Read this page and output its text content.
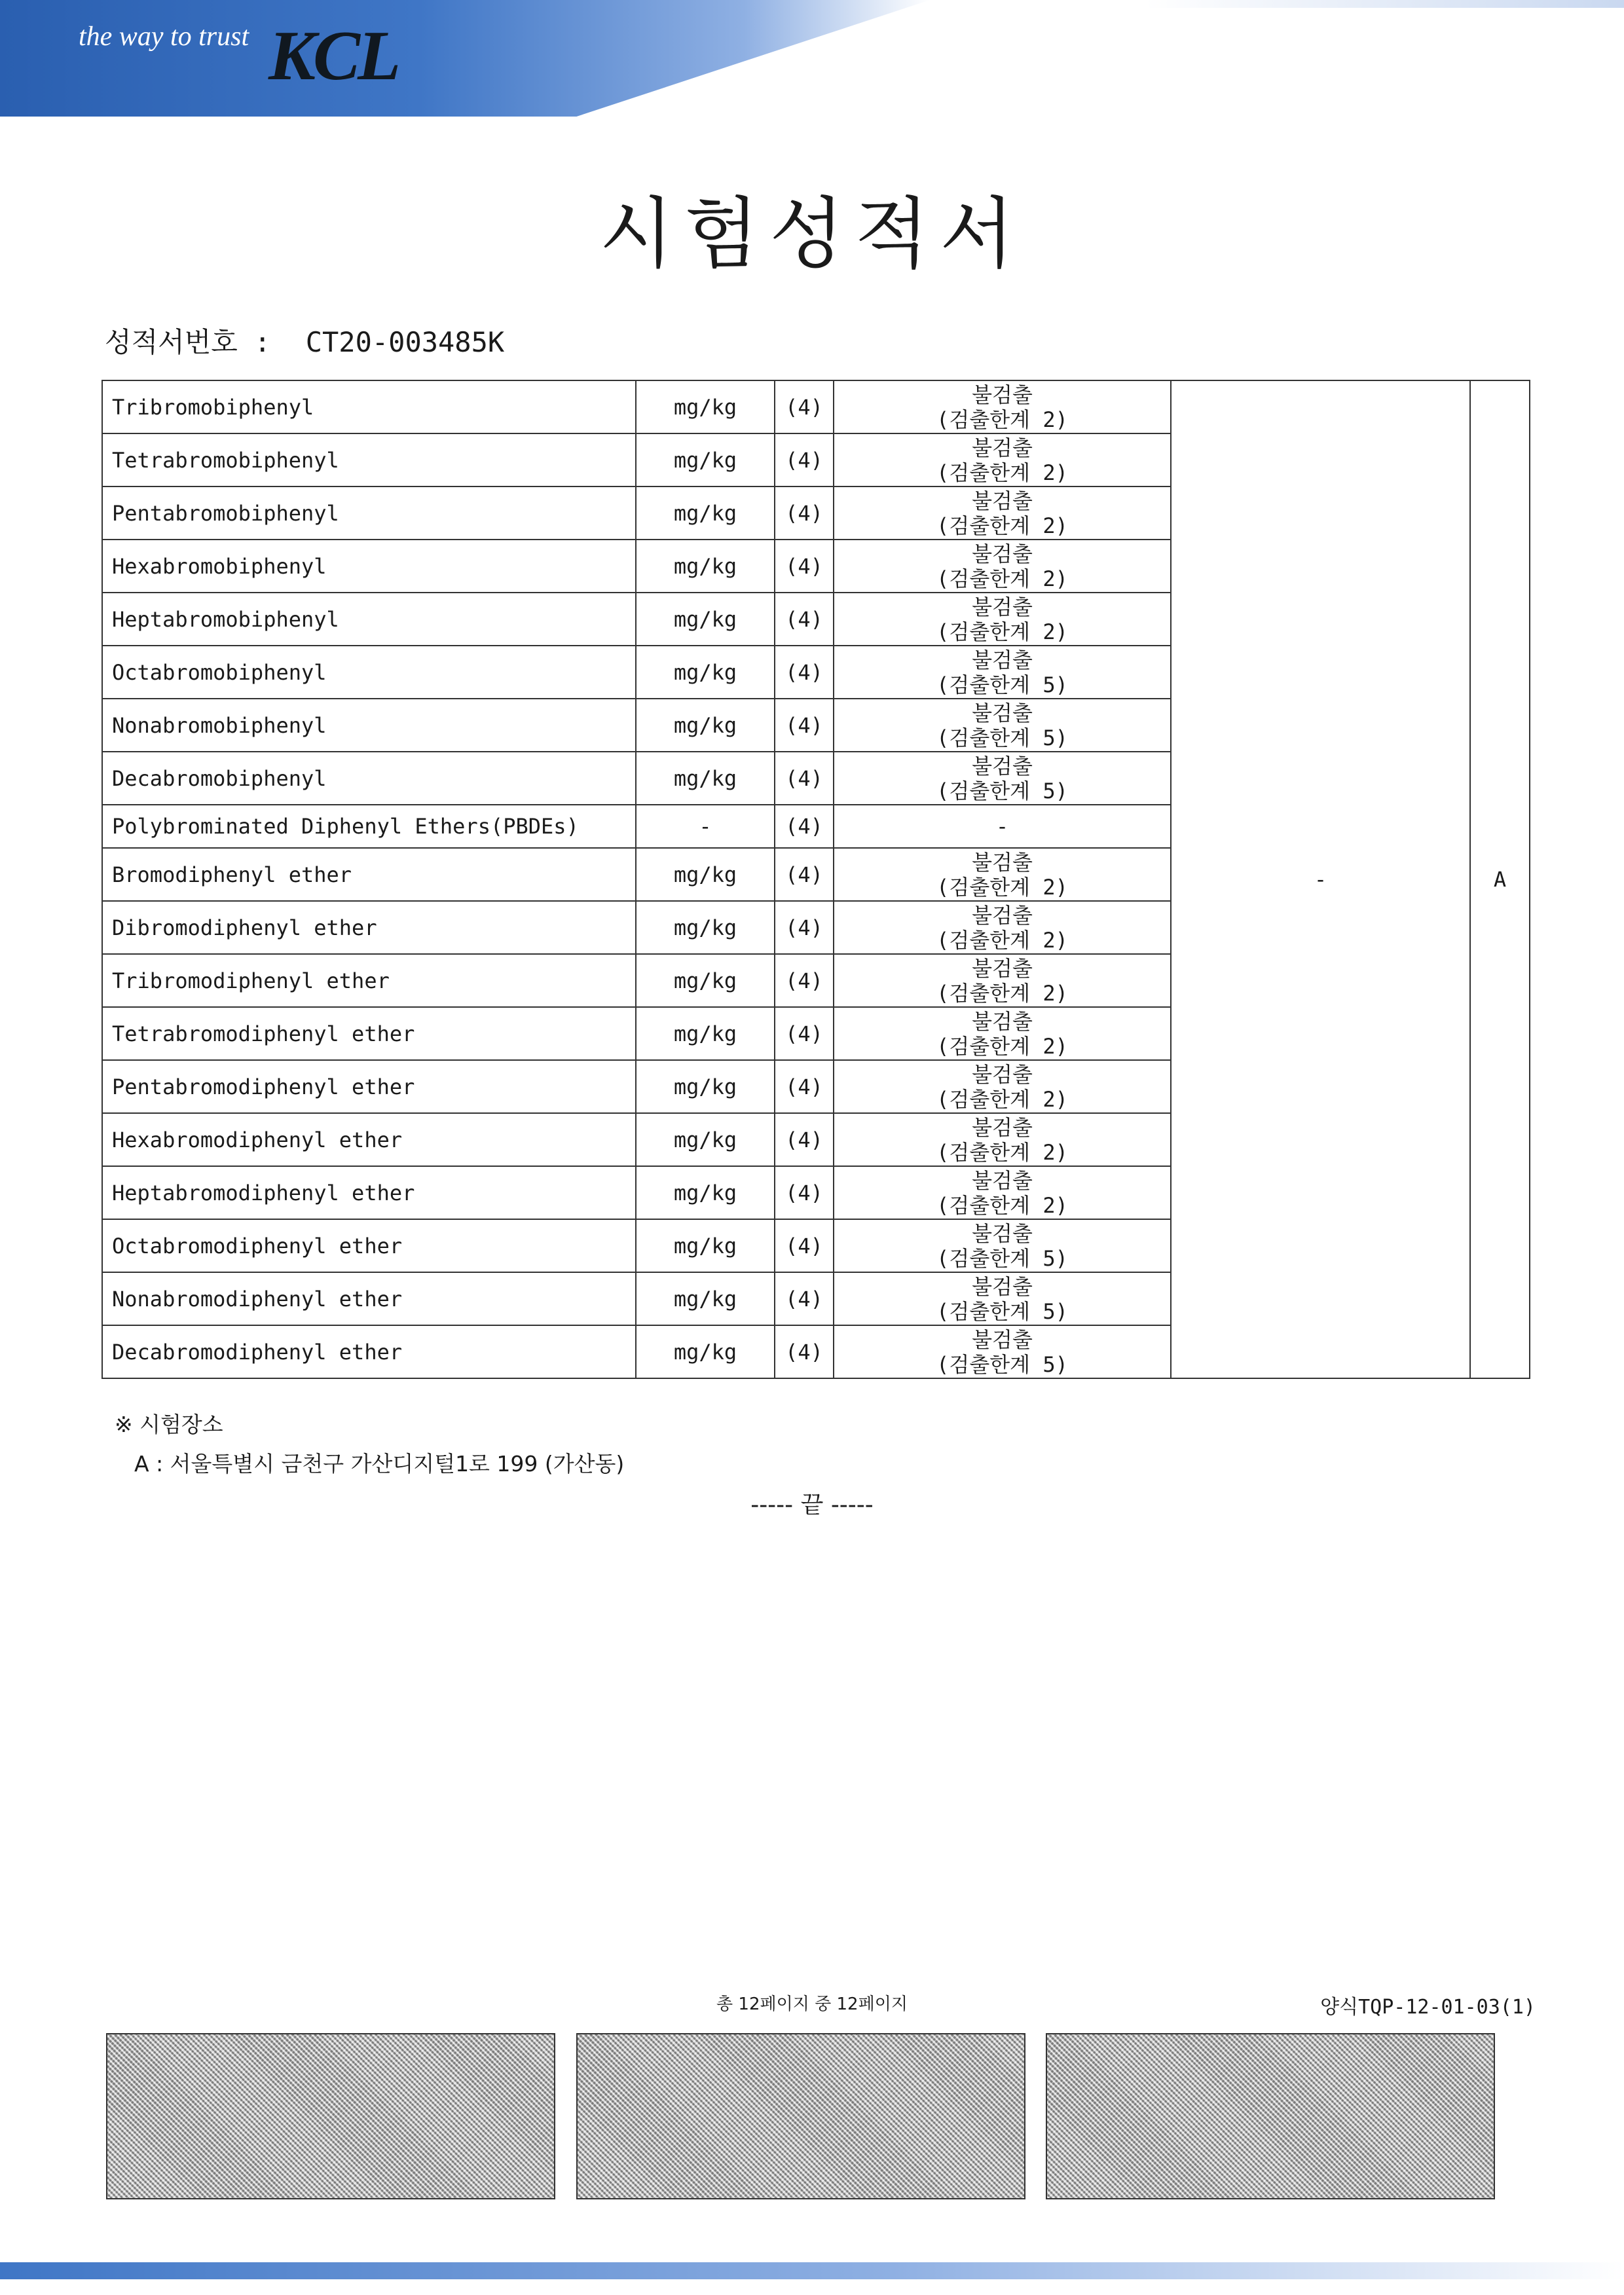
the way to trust KCL
시험성적서
성적서번호 : CT20-003485K
Tribromobiphenyl	mg/kg	(4)	불검출
(검출한계 2)	-	A
Tetrabromobiphenyl	mg/kg	(4)	불검출
(검출한계 2)		

Pentabromobiphenyl	mg/kg	(4)	불검출
(검출한계 2)		

Hexabromobiphenyl	mg/kg	(4)	불검출
(검출한계 2)		

Heptabromobiphenyl	mg/kg	(4)	불검출
(검출한계 2)		

Octabromobiphenyl	mg/kg	(4)	불검출
(검출한계 5)		

Nonabromobiphenyl	mg/kg	(4)	불검출
(검출한계 5)		

Decabromobiphenyl	mg/kg	(4)	불검출
(검출한계 5)		

Polybrominated Diphenyl Ethers(PBDEs)	-	(4)	-		

Bromodiphenyl ether	mg/kg	(4)	불검출
(검출한계 2)		

Dibromodiphenyl ether	mg/kg	(4)	불검출
(검출한계 2)		

Tribromodiphenyl ether	mg/kg	(4)	불검출
(검출한계 2)		

Tetrabromodiphenyl ether	mg/kg	(4)	불검출
(검출한계 2)		

Pentabromodiphenyl ether	mg/kg	(4)	불검출
(검출한계 2)		

Hexabromodiphenyl ether	mg/kg	(4)	불검출
(검출한계 2)		

Heptabromodiphenyl ether	mg/kg	(4)	불검출
(검출한계 2)		

Octabromodiphenyl ether	mg/kg	(4)	불검출
(검출한계 5)		

Nonabromodiphenyl ether	mg/kg	(4)	불검출
(검출한계 5)		

Decabromodiphenyl ether	mg/kg	(4)	불검출
(검출한계 5)		
※ 시험장소
A : 서울특별시 금천구 가산디지털1로 199 (가산동)
----- 끝 -----
총 12페이지 중 12페이지	양식TQP-12-01-03(1)
